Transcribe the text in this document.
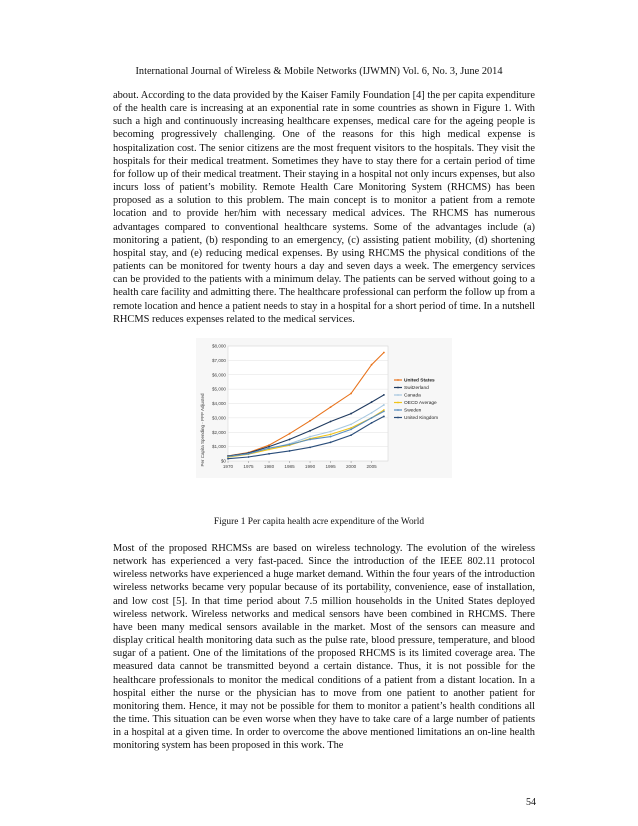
International Journal of Wireless & Mobile Networks (IJWMN) Vol. 6, No. 3, June 2014

about. According to the data provided by the Kaiser Family Foundation [4] the per capita expenditure of the health care is increasing at an exponential rate in some countries as shown in Figure 1. With such a high and continuously increasing healthcare expenses, medical care for the ageing people is becoming progressively challenging. One of the reasons for this high medical expense is hospitalization cost. The senior citizens are the most frequent visitors to the hospitals. They visit the hospitals for their medical treatment. Sometimes they have to stay there for a certain period of time for follow up of their medical treatment. Their staying in a hospital not only incurs expenses, but also incurs loss of patient’s mobility. Remote Health Care Monitoring System (RHCMS) has been proposed as a solution to this problem. The main concept is to monitor a patient from a remote location and to provide her/him with necessary medical advices. The RHCMS has numerous advantages compared to conventional healthcare systems. Some of the advantages include (a) monitoring a patient, (b) responding to an emergency, (c) assisting patient mobility, (d) shortening hospital stay, and (e) reducing medical expenses. By using RHCMS the physical conditions of the patients can be monitored for twenty hours a day and seven days a week. The emergency services can be provided to the patients with a minimum delay. The patients can be served without going to a health care facility and admitting there. The healthcare professional can perform the follow up from a remote location and hence a patient needs to stay in a hospital for a short period of time. In a nutshell RHCMS reduces expenses related to the medical services.

Per Capita Spending - PPP Adjusted	$0
$1,000
$2,000
$3,000
$4,000
$5,000
$6,000
$7,000
$8,000
1970 1975 1980 1985 1990 1995 2000 2005
United States
Switzerland
Canada
OECD Average
Sweden
United Kingdom
Figure 1 Per capita health acre expenditure of the World

Most of the proposed RHCMSs are based on wireless technology. The evolution of the wireless network has experienced a very fast-paced. Since the introduction of the IEEE 802.11 protocol wireless networks have experienced a huge market demand. Within the four years of the introduction wireless networks became very popular because of its portability, convenience, ease of installation, and low cost [5]. In that time period about 7.5 million households in the United States deployed wireless network. Wireless networks and medical sensors have been combined in RHCMS. There have been many medical sensors available in the market. Most of the sensors can measure and display critical health monitoring data such as the pulse rate, blood pressure, temperature, and blood sugar of a patient. One of the limitations of the proposed RHCMS is its limited coverage area. The measured data cannot be transmitted beyond a certain distance. Thus, it is not possible for the healthcare professionals to monitor the medical conditions of a patient from a distant location. In a hospital either the nurse or the physician has to move from one patient to another patient for monitoring them. Hence, it may not be possible for them to monitor a patient’s health conditions all the time. This situation can be even worse when they have to take care of a large number of patients in a hospital at a given time. In order to overcome the above mentioned limitations an on-line health monitoring system has been proposed in this work. The

54
